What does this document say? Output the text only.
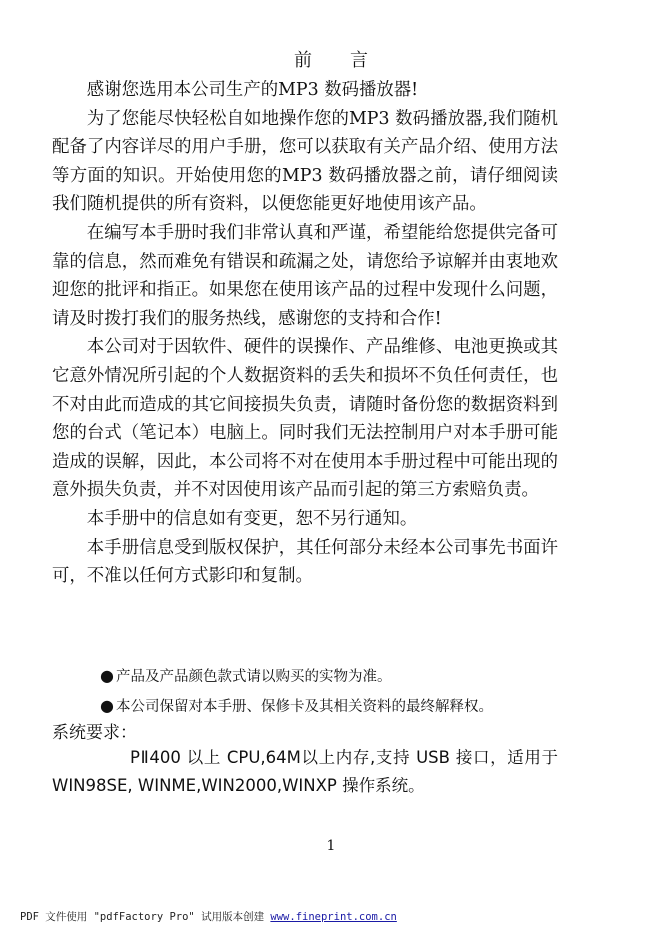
前言

感谢您选用本公司生产的MP3 数码播放器!

为了您能尽快轻松自如地操作您的MP3 数码播放器,我们随机配备了内容详尽的用户手册，您可以获取有关产品介绍、使用方法等方面的知识。开始使用您的MP3 数码播放器之前，请仔细阅读我们随机提供的所有资料，以便您能更好地使用该产品。

在编写本手册时我们非常认真和严谨，希望能给您提供完备可靠的信息，然而难免有错误和疏漏之处，请您给予谅解并由衷地欢迎您的批评和指正。如果您在使用该产品的过程中发现什么问题，请及时拨打我们的服务热线，感谢您的支持和合作!

本公司对于因软件、硬件的误操作、产品维修、电池更换或其它意外情况所引起的个人数据资料的丢失和损坏不负任何责任，也不对由此而造成的其它间接损失负责，请随时备份您的数据资料到您的台式（笔记本）电脑上。同时我们无法控制用户对本手册可能造成的误解，因此，本公司将不对在使用本手册过程中可能出现的意外损失负责，并不对因使用该产品而引起的第三方索赔负责。

本手册中的信息如有变更，恕不另行通知。

本手册信息受到版权保护，其任何部分未经本公司事先书面许可，不准以任何方式影印和复制。

● 产品及产品颜色款式请以购买的实物为准。
● 本公司保留对本手册、保修卡及其相关资料的最终解释权。
系统要求：
PⅡ400 以上 CPU,64M以上内存,支持 USB 接口，适用于 WIN98SE, WINME,WIN2000,WINXP 操作系统。
1
PDF 文件使用 "pdfFactory Pro" 试用版本创建 www.fineprint.com.cn
